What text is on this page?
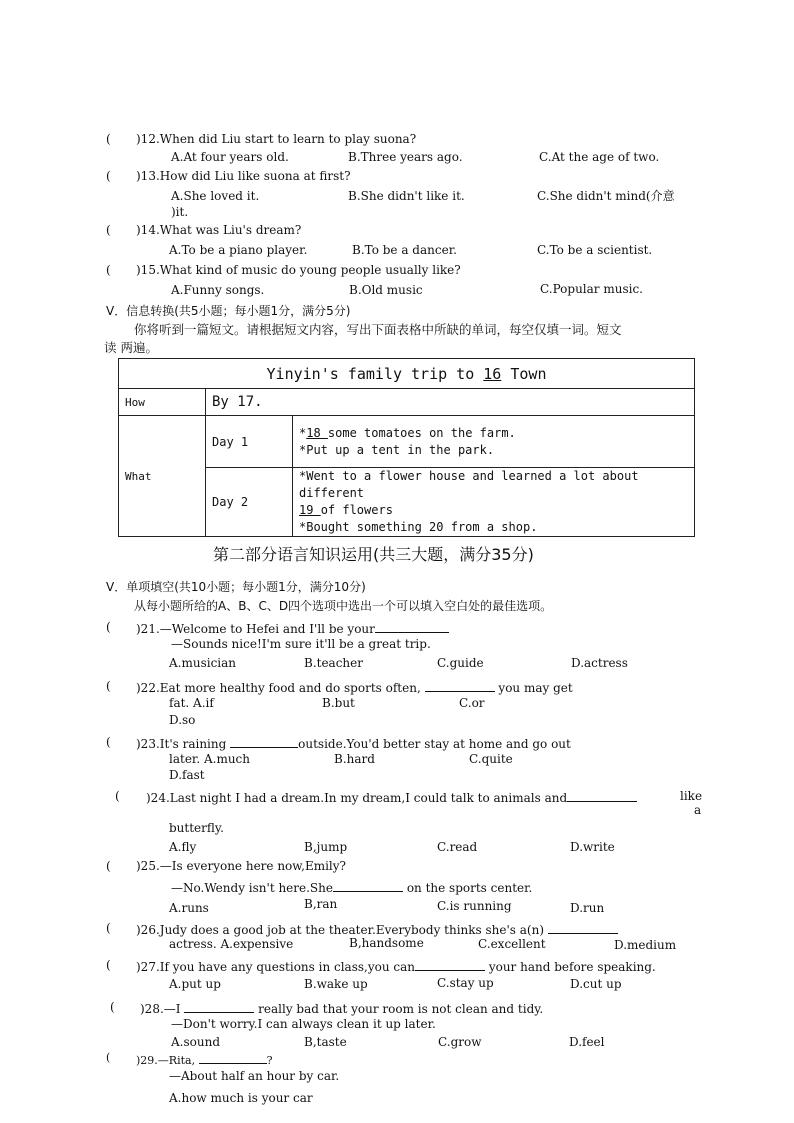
( )12.When did Liu start to learn to play suona?
A.At four years old.	B.Three years ago.	C.At the age of two.
( )13.How did Liu like suona at first?
A.She loved it.	B.She didn't like it.	C.She didn't mind(介意
)it.
( )14.What was Liu's dream?
A.To be a piano player.	B.To be a dancer.	C.To be a scientist.
( )15.What kind of music do young people usually like?
A.Funny songs.	B.Old music	C.Popular music.
V．信息转换(共5小题；每小题1分，满分5分)
你将听到一篇短文。请根据短文内容，写出下面表格中所缺的单词，每空仅填一词。短文
读 两遍。
Yinyin's family trip to 16 Town		
How	By 17.	
What	Day 1	*18 some tomatoes on the farm.
*Put up a tent in the park.

	Day 2	*Went to a flower house and learned a lot about different
19 of flowers
*Bought something 20 from a shop.
第二部分语言知识运用(共三大题，满分35分)
V．单项填空(共10小题；每小题1分，满分10分)
从每小题所给的A、B、C、D四个选项中选出一个可以填入空白处的最佳选项。
( )21.—Welcome to Hefei and I'll be your
—Sounds nice!I'm sure it'll be a great trip.
A.musician	B.teacher	C.guide	D.actress
( )22.Eat more healthy food and do sports often,	you may get
fat. A.if	B.but	C.or
D.so
( )23.It's raining	outside.You'd better stay at home and go out
later. A.much	B.hard	C.quite
D.fast
( )24.Last night I had a dream.In my dream,I could talk to animals and	like
a
butterfly.
A.fly	B,jump	C.read	D.write
( )25.—Is everyone here now,Emily?
—No.Wendy isn't here.She	on the sports center.
A.runs	B,ran	C.is running	D.run
( )26.Judy does a good job at the theater.Everybody thinks she's a(n)
actress. A.expensive	B,handsome	C.excellent	D.medium
( )27.If you have any questions in class,you can	your hand before speaking.
A.put up	B.wake up	C.stay up	D.cut up
( )28.—I	really bad that your room is not clean and tidy.
—Don't worry.I can always clean it up later.
A.sound	B,taste	C.grow	D.feel
( )29.—Rita,	?
—About half an hour by car.
A.how much is your car
